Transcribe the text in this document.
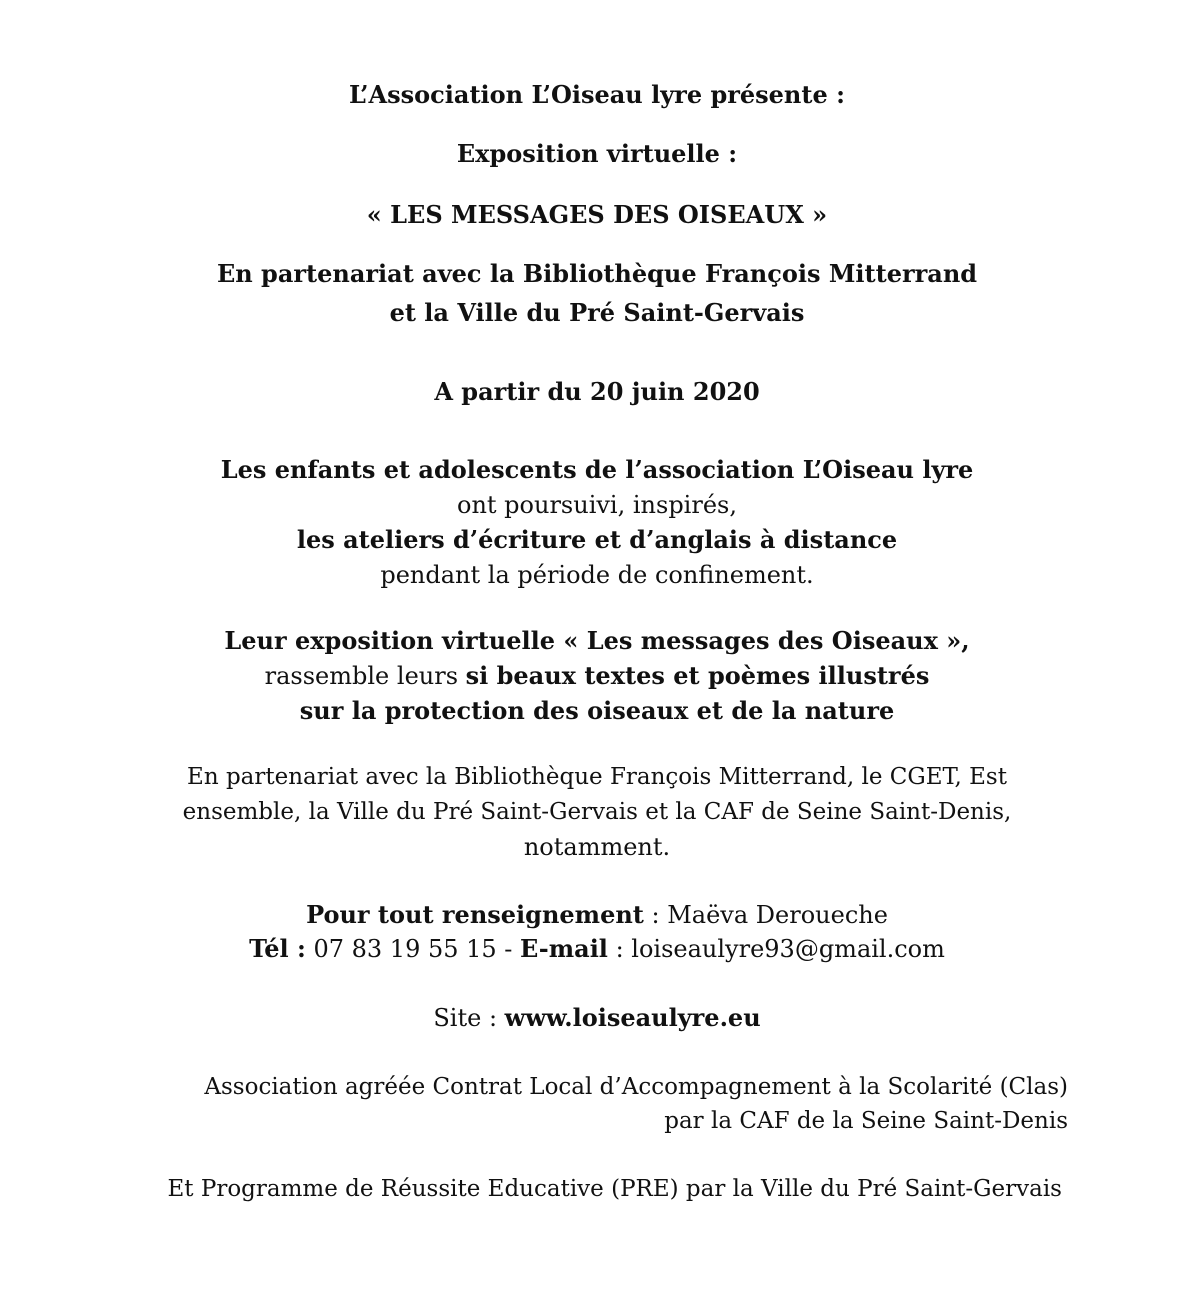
L’Association L’Oiseau lyre présente :
Exposition virtuelle :
« LES MESSAGES DES OISEAUX »
En partenariat avec la Bibliothèque François Mitterrand
et la Ville du Pré Saint-Gervais
A partir du 20 juin 2020
Les enfants et adolescents de l’association L’Oiseau lyre
ont poursuivi, inspirés,
les ateliers d’écriture et d’anglais à distance
pendant la période de confinement.
Leur exposition virtuelle « Les messages des Oiseaux »,
rassemble leurs si beaux textes et poèmes illustrés
sur la protection des oiseaux et de la nature
En partenariat avec la Bibliothèque François Mitterrand, le CGET, Est
ensemble, la Ville du Pré Saint-Gervais et la CAF de Seine Saint-Denis,
notamment.
Pour tout renseignement : Maëva Deroueche
Tél : 07 83 19 55 15 - E-mail : loiseaulyre93@gmail.com
Site : www.loiseaulyre.eu
Association agréée Contrat Local d’Accompagnement à la Scolarité (Clas)
par la CAF de la Seine Saint-Denis
Et Programme de Réussite Educative (PRE) par la Ville du Pré Saint-Gervais
